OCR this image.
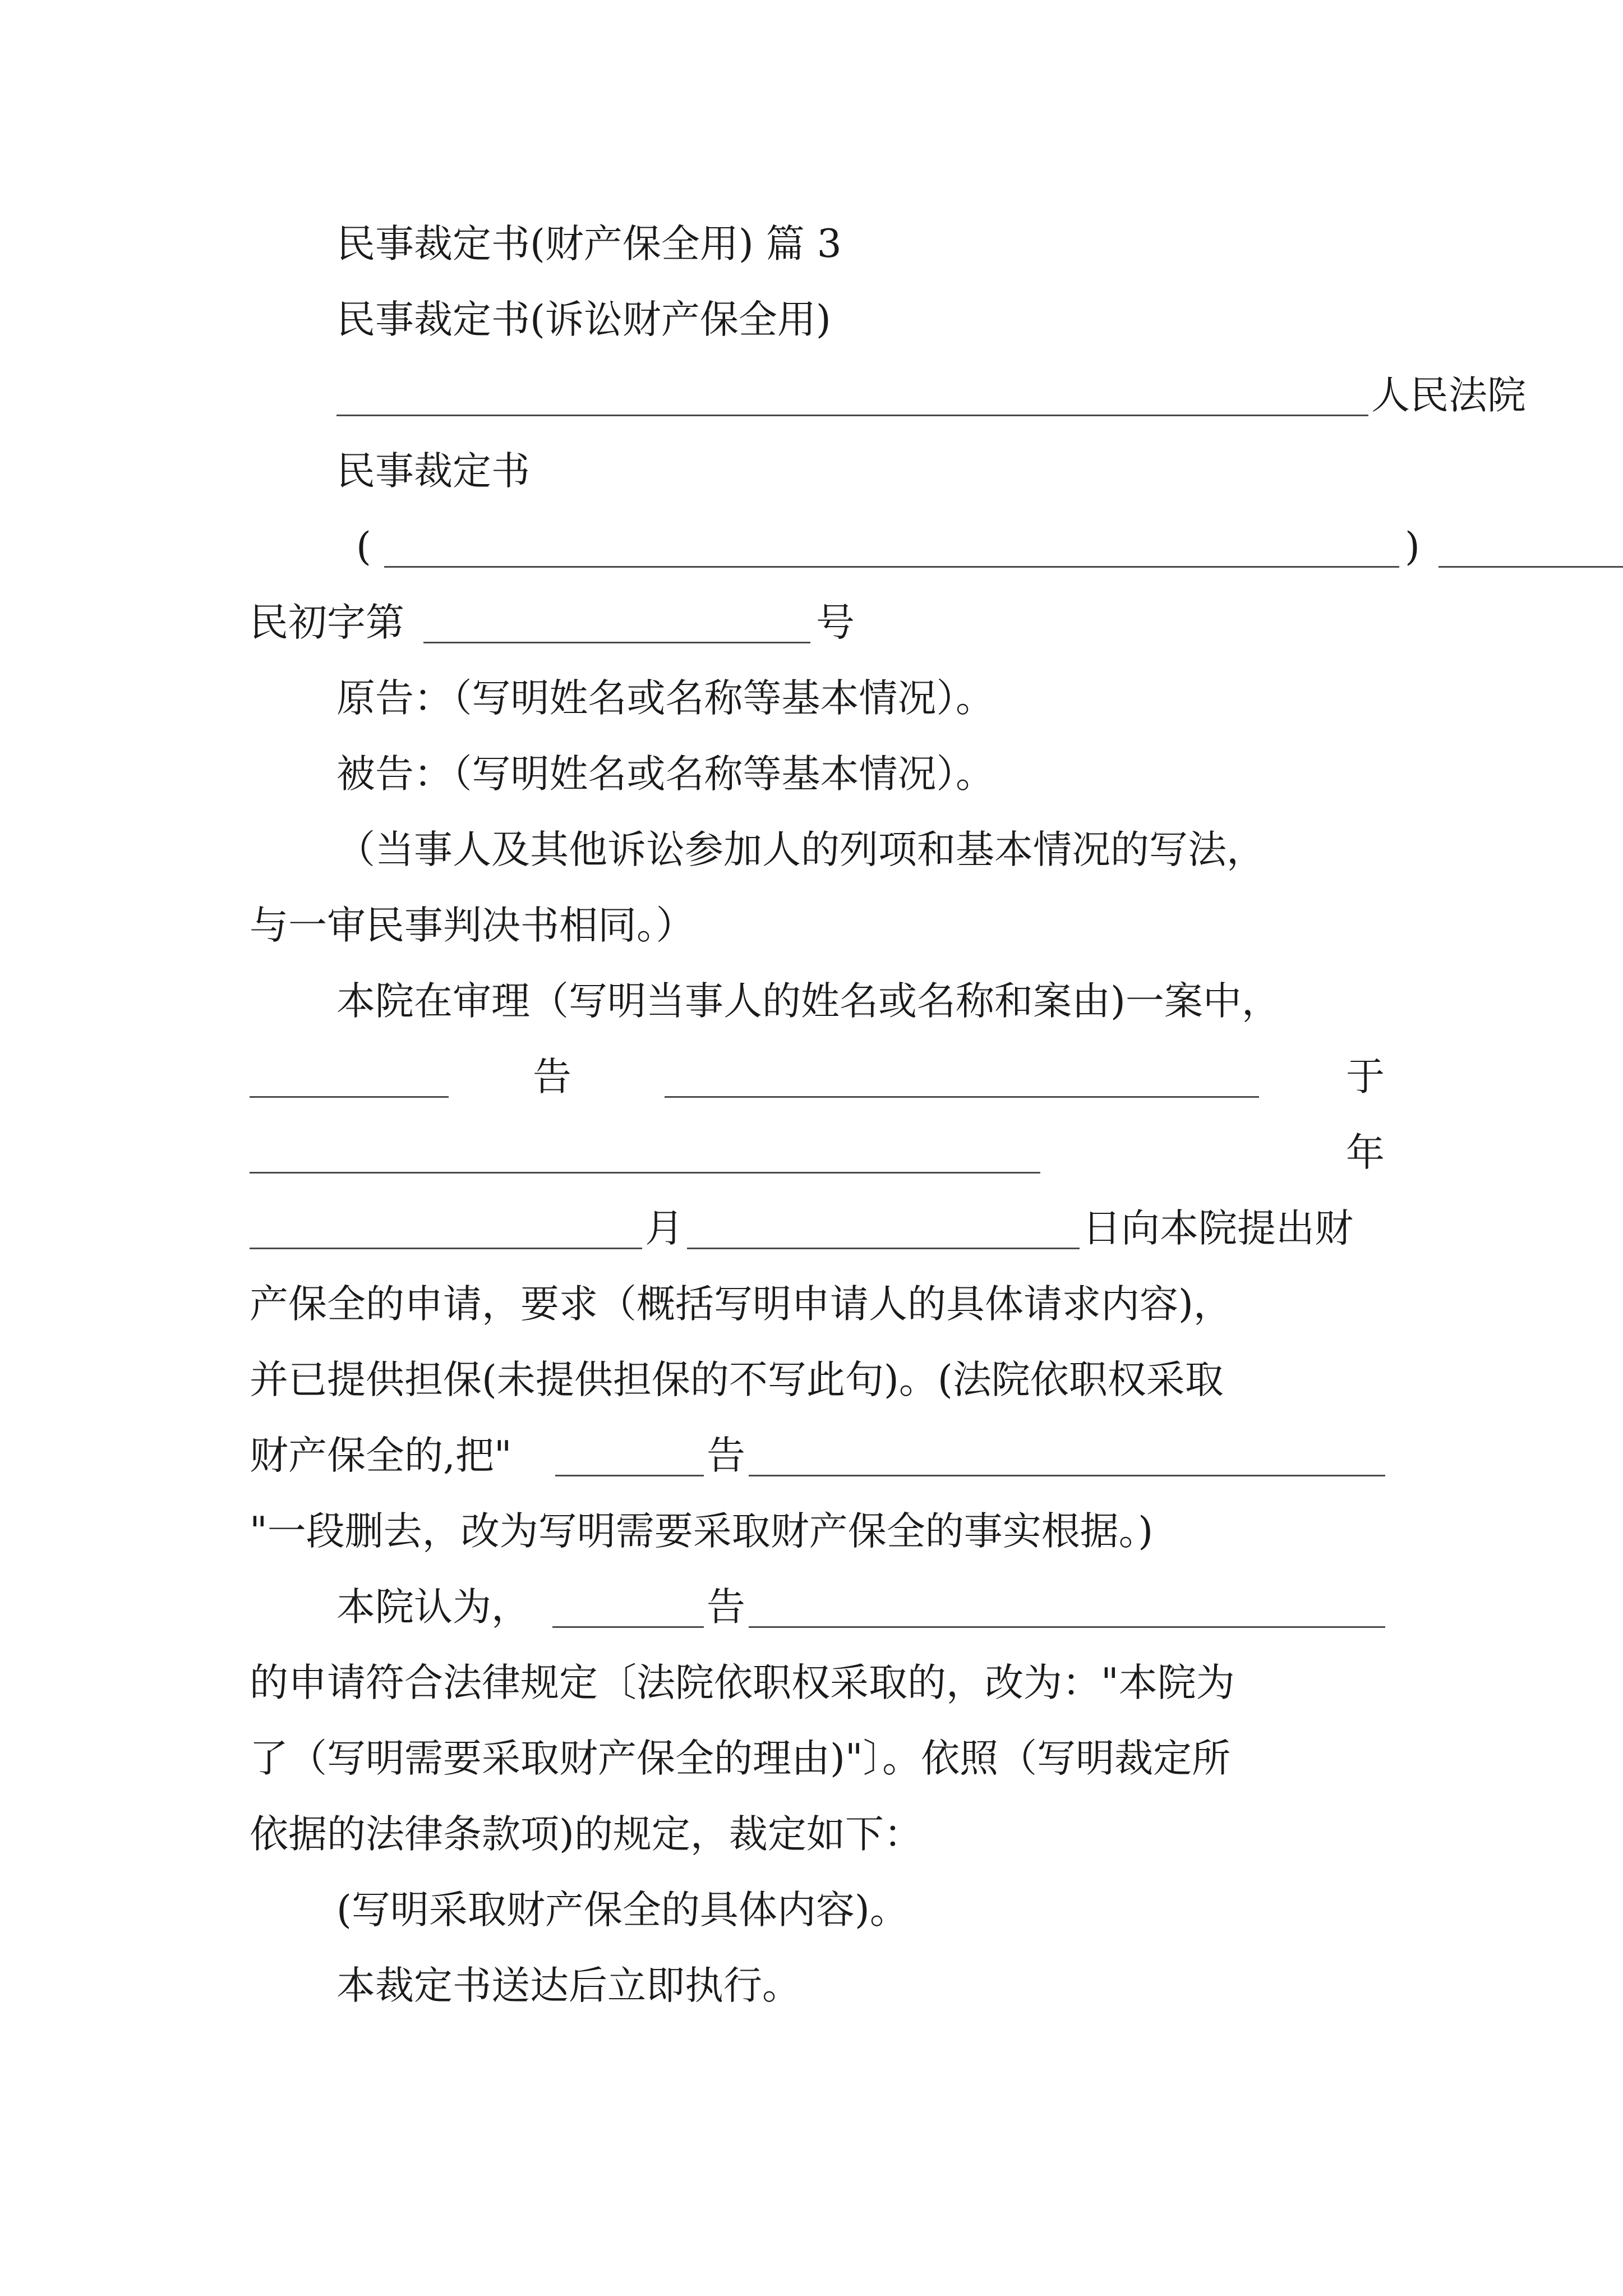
民事裁定书(财产保全用) 篇 3
民事裁定书(诉讼财产保全用)
人民法院
民事裁定书
(	)
民初字第	号
原告：（写明姓名或名称等基本情况）。
被告：（写明姓名或名称等基本情况）。
（当事人及其他诉讼参加人的列项和基本情况的写法，
与一审民事判决书相同。）
本院在审理（写明当事人的姓名或名称和案由)一案中，
告	于
年
月	日向本院提出财
产保全的申请，要求（概括写明申请人的具体请求内容)，
并已提供担保(未提供担保的不写此句)。(法院依职权采取
财产保全的,把"	告
"一段删去，改为写明需要采取财产保全的事实根据。)
本院认为，	告
的申请符合法律规定〔法院依职权采取的，改为："本院为
了（写明需要采取财产保全的理由)"〕。依照（写明裁定所
依据的法律条款项)的规定，裁定如下：
(写明采取财产保全的具体内容)。
本裁定书送达后立即执行。
